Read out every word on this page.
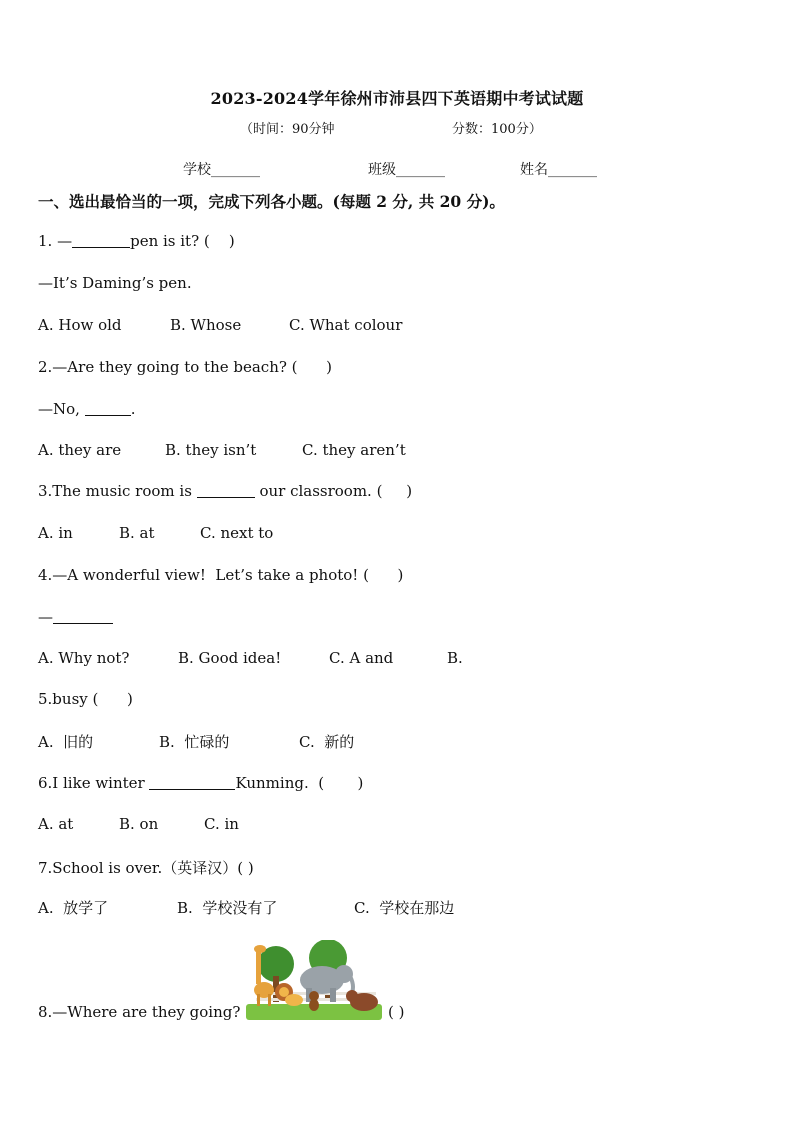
2023-2024学年徐州市沛县四下英语期中考试试题
（时间：90分钟	分数：100分）
学校_______	班级_______	姓名_______
一、选出最恰当的一项，完成下列各小题。(每题 2 分, 共 20 分)。
1. —	pen is it? (    )
—It’s Daming’s pen.
A. How old	B. Whose	C. What colour
2.—Are they going to the beach? (      )
—No,	.
A. they are	B. they isn’t	C. they aren’t
3.The music room is	our classroom. (     )
A. in	B. at	C. next to
4.—A wonderful view!  Let’s take a photo! (      )
—
A. Why not?	B. Good idea!	C. A and	B.
5.busy (      )
A.  旧的	B.  忙碌的	C.  新的
6.I like winter	Kunming.  (       )
A. at	B. on	C. in
7.School is over.（英译汉）( )
A.  放学了	B.  学校没有了	C.  学校在那边
8.—Where are they going?	( )
